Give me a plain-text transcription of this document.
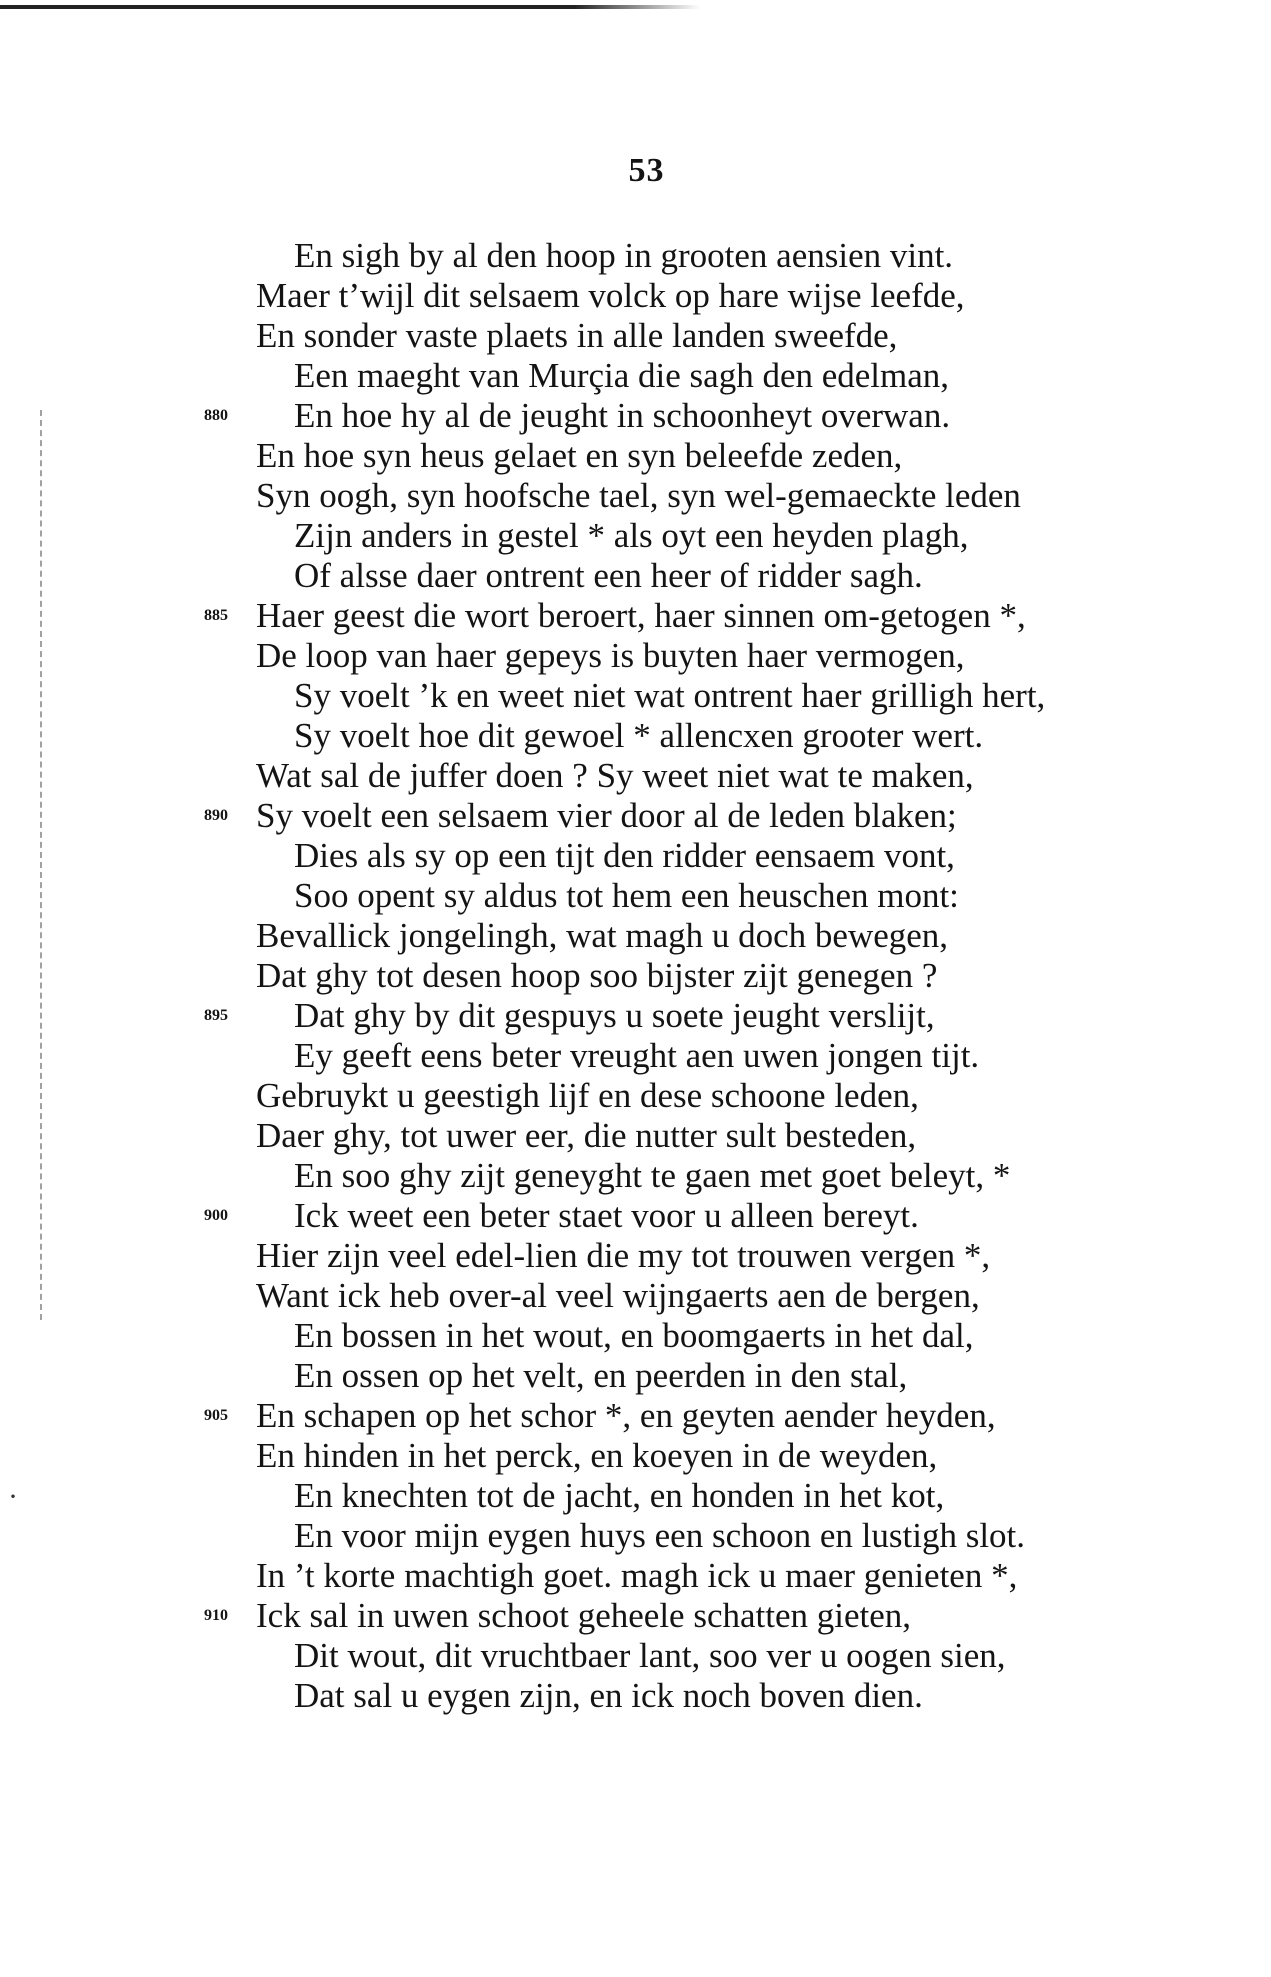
·
53
En sigh by al den hoop in grooten aensien vint.
Maer t’wijl dit selsaem volck op hare wijse leefde,
En sonder vaste plaets in alle landen sweefde,
Een maeght van Murçia die sagh den edelman,
880 En hoe hy al de jeught in schoonheyt overwan.
En hoe syn heus gelaet en syn beleefde zeden,
Syn oogh, syn hoofsche tael, syn wel-gemaeckte leden
Zijn anders in gestel * als oyt een heyden plagh,
Of alsse daer ontrent een heer of ridder sagh.
885 Haer geest die wort beroert, haer sinnen om-getogen *,
De loop van haer gepeys is buyten haer vermogen,
Sy voelt ’k en weet niet wat ontrent haer grilligh hert,
Sy voelt hoe dit gewoel * allencxen grooter wert.
Wat sal de juffer doen ? Sy weet niet wat te maken,
890 Sy voelt een selsaem vier door al de leden blaken;
Dies als sy op een tijt den ridder eensaem vont,
Soo opent sy aldus tot hem een heuschen mont:
Bevallick jongelingh, wat magh u doch bewegen,
Dat ghy tot desen hoop soo bijster zijt genegen ?
895 Dat ghy by dit gespuys u soete jeught verslijt,
Ey geeft eens beter vreught aen uwen jongen tijt.
Gebruykt u geestigh lijf en dese schoone leden,
Daer ghy, tot uwer eer, die nutter sult besteden,
En soo ghy zijt geneyght te gaen met goet beleyt, *
900 Ick weet een beter staet voor u alleen bereyt.
Hier zijn veel edel-lien die my tot trouwen vergen *,
Want ick heb over-al veel wijngaerts aen de bergen,
En bossen in het wout, en boomgaerts in het dal,
En ossen op het velt, en peerden in den stal,
905 En schapen op het schor *, en geyten aender heyden,
En hinden in het perck, en koeyen in de weyden,
En knechten tot de jacht, en honden in het kot,
En voor mijn eygen huys een schoon en lustigh slot.
In ’t korte machtigh goet. magh ick u maer genieten *,
910 Ick sal in uwen schoot geheele schatten gieten,
Dit wout, dit vruchtbaer lant, soo ver u oogen sien,
Dat sal u eygen zijn, en ick noch boven dien.
